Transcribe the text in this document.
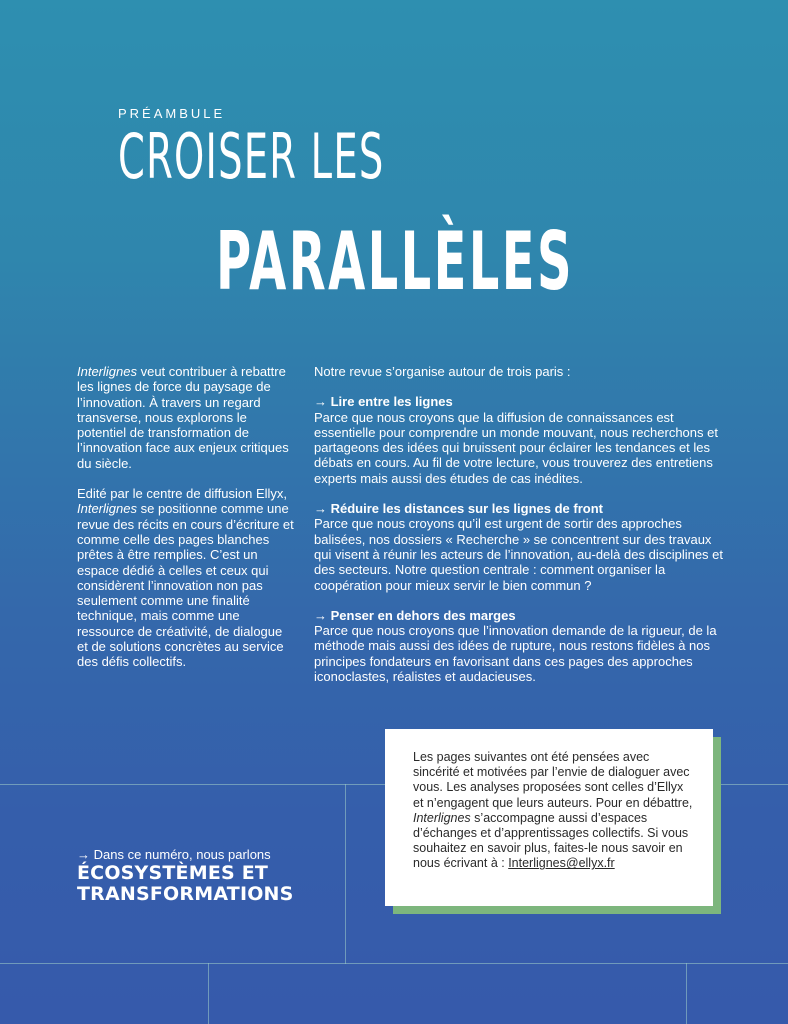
PRÉAMBULE
CROISER LES
PARALLÈLES

Interlignes veut contribuer à rebattre les lignes de force du paysage de l’innovation. À travers un regard transverse, nous explorons le potentiel de transformation de l’innovation face aux enjeux critiques du siècle.

Edité par le centre de diffusion Ellyx, Interlignes se positionne comme une revue des récits en cours d’écriture et comme celle des pages blanches prêtes à être remplies. C’est un espace dédié à celles et ceux qui considèrent l’innovation non pas seulement comme une finalité technique, mais comme une ressource de créativité, de dialogue et de solutions concrètes au service des défis collectifs.

Notre revue s’organise autour de trois paris :

→ Lire entre les lignes

Parce que nous croyons que la diffusion de connaissances est essentielle pour comprendre un monde mouvant, nous recherchons et partageons des idées qui bruissent pour éclairer les tendances et les débats en cours. Au fil de votre lecture, vous trouverez des entretiens experts mais aussi des études de cas inédites.

→ Réduire les distances sur les lignes de front

Parce que nous croyons qu’il est urgent de sortir des approches balisées, nos dossiers « Recherche » se concentrent sur des travaux qui visent à réunir les acteurs de l’innovation, au-delà des disciplines et des secteurs. Notre question centrale : comment organiser la coopération pour mieux servir le bien commun ?

→ Penser en dehors des marges

Parce que nous croyons que l’innovation demande de la rigueur, de la méthode mais aussi des idées de rupture, nous restons fidèles à nos principes fondateurs en favorisant dans ces pages des approches iconoclastes, réalistes et audacieuses.

→ Dans ce numéro, nous parlons
ÉCOSYSTÈMES ET
TRANSFORMATIONS

Les pages suivantes ont été pensées avec sincérité et motivées par l’envie de dialoguer avec vous. Les analyses proposées sont celles d’Ellyx et n’engagent que leurs auteurs. Pour en débattre, Interlignes s’accompagne aussi d’espaces d’échanges et d’apprentissages collectifs. Si vous souhaitez en savoir plus, faites-le nous savoir en nous écrivant à : Interlignes@ellyx.fr
